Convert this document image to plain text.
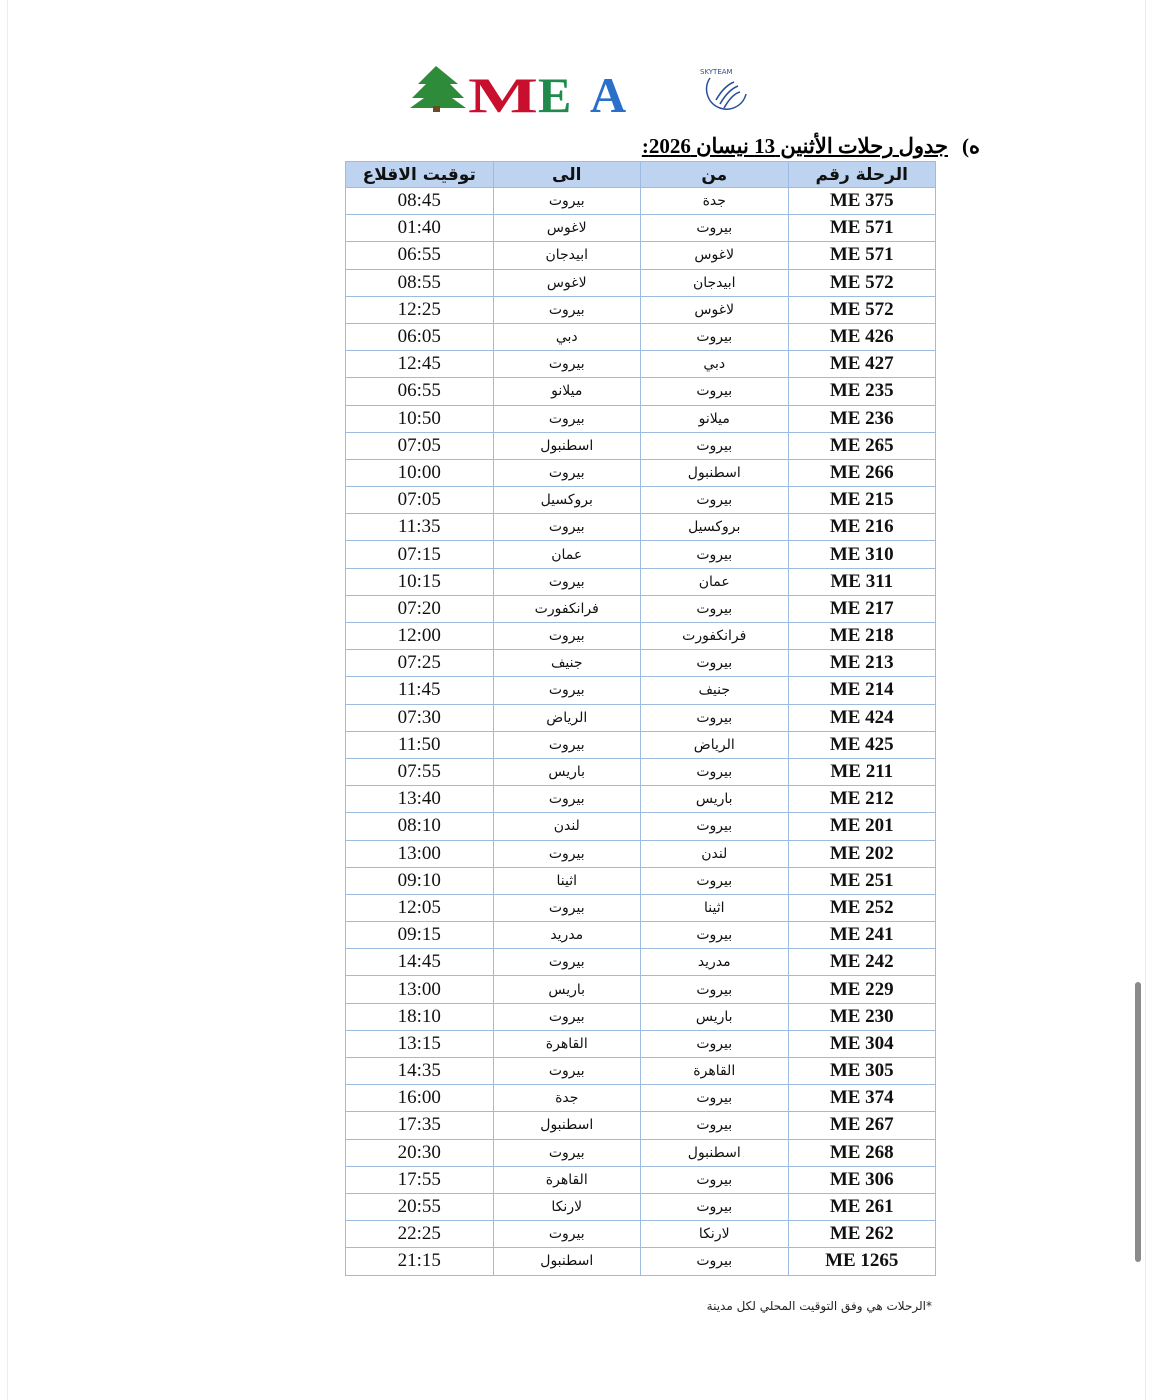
M E A	SKYTEAM
ه)جدول رحلات الأثنين 13 نيسان 2026:
الرحلة رقم	من	الى	توقيت الاقلاع
ME 375	جدة	بيروت	08:45
ME 571	بيروت	لاغوس	01:40
ME 571	لاغوس	ابيدجان	06:55
ME 572	ابيدجان	لاغوس	08:55
ME 572	لاغوس	بيروت	12:25
ME 426	بيروت	دبي	06:05
ME 427	دبي	بيروت	12:45
ME 235	بيروت	ميلانو	06:55
ME 236	ميلانو	بيروت	10:50
ME 265	بيروت	اسطنبول	07:05
ME 266	اسطنبول	بيروت	10:00
ME 215	بيروت	بروكسيل	07:05
ME 216	بروكسيل	بيروت	11:35
ME 310	بيروت	عمان	07:15
ME 311	عمان	بيروت	10:15
ME 217	بيروت	فرانكفورت	07:20
ME 218	فرانكفورت	بيروت	12:00
ME 213	بيروت	جنيف	07:25
ME 214	جنيف	بيروت	11:45
ME 424	بيروت	الرياض	07:30
ME 425	الرياض	بيروت	11:50
ME 211	بيروت	باريس	07:55
ME 212	باريس	بيروت	13:40
ME 201	بيروت	لندن	08:10
ME 202	لندن	بيروت	13:00
ME 251	بيروت	اثينا	09:10
ME 252	اثينا	بيروت	12:05
ME 241	بيروت	مدريد	09:15
ME 242	مدريد	بيروت	14:45
ME 229	بيروت	باريس	13:00
ME 230	باريس	بيروت	18:10
ME 304	بيروت	القاهرة	13:15
ME 305	القاهرة	بيروت	14:35
ME 374	بيروت	جدة	16:00
ME 267	بيروت	اسطنبول	17:35
ME 268	اسطنبول	بيروت	20:30
ME 306	بيروت	القاهرة	17:55
ME 261	بيروت	لارنكا	20:55
ME 262	لارنكا	بيروت	22:25
ME 1265	بيروت	اسطنبول	21:15
*الرحلات هي وفق التوقيت المحلي لكل مدينة
